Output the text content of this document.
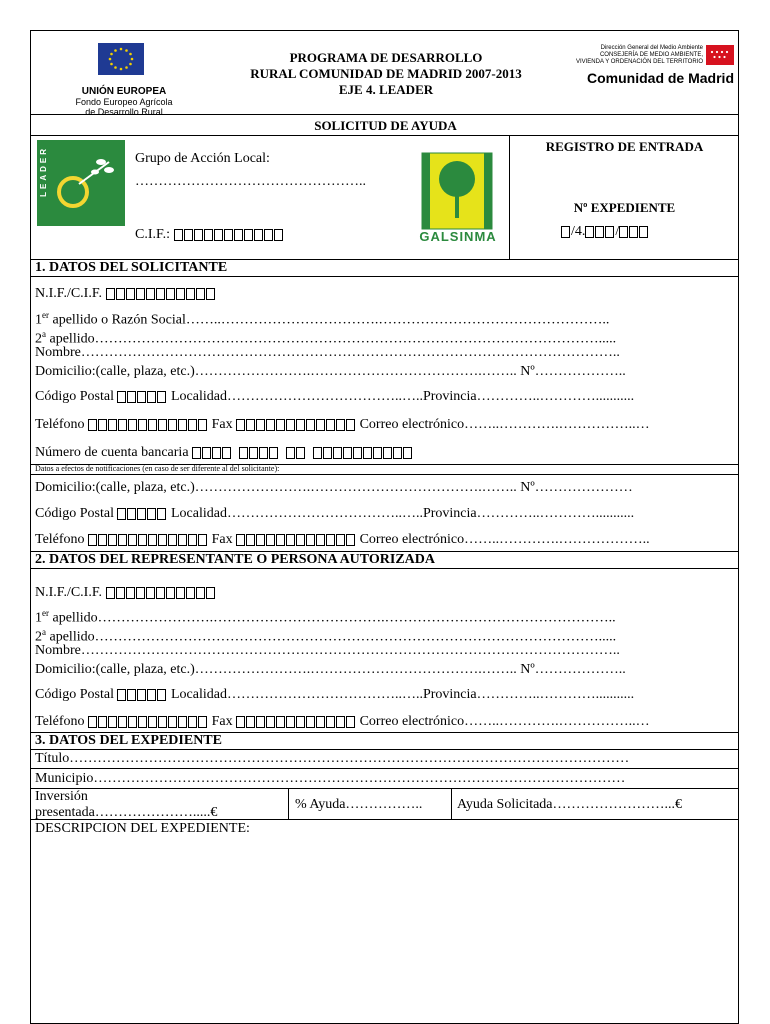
UNIÓN EUROPEA
Fondo Europeo Agrícola
de Desarrollo Rural
PROGRAMA DE DESARROLLO
RURAL COMUNIDAD DE MADRID 2007-2013
EJE 4. LEADER
Dirección General del Medio Ambiente
CONSEJERÍA DE MEDIO AMBIENTE,
VIVIENDA Y ORDENACIÓN DEL TERRITORIO
Comunidad de Madrid
SOLICITUD DE AYUDA
LEADER	Grupo de Acción Local:
…………………………………………..
C.I.F.:	GALSINMA
REGISTRO DE ENTRADA
Nº EXPEDIENTE
/4. /
1. DATOS DEL SOLICITANTE
N.I.F./C.I.F.
1er apellido o Razón Social……..…………………………….…………………………………………..
2$^a$ apellido……………………………………………………………………………………………….....
Nombre……………………………………………………………………………………………………..
Domicilio:(calle, plaza, etc.)…………………….……………………………….…….. Nº………………..
Código Postal	Localidad………………………………..…..Provincia…………..…………...........
Teléfono	Fax	Correo electrónico……..………….……………..…
Número de cuenta bancaria
Datos a efectos de notificaciones (en caso de ser diferente al del solicitante):
Domicilio:(calle, plaza, etc.)…………………….……………………………….…….. Nº…………………
Código Postal	Localidad………………………………..…..Provincia…………..…………...........
Teléfono	Fax	Correo electrónico……..………….………………..
2. DATOS DEL REPRESENTANTE O PERSONA AUTORIZADA
N.I.F./C.I.F.
1er apellido…………………….……………………………….…………………………………………..
2$^a$ apellido……………………………………………………………………………………………….....
Nombre……………………………………………………………………………………………………..
Domicilio:(calle, plaza, etc.)…………………….……………………………….…….. Nº………………..
Código Postal	Localidad………………………………..…..Provincia…………..…………...........
Teléfono	Fax	Correo electrónico……..………….……………..…
3. DATOS DEL EXPEDIENTE
Título…………………………………………………………………………………………………………
Municipio……………………………………………………………………………………………………
Inversión
presentada………………….....€
% Ayuda…………….. Ayuda Solicitada……………………...€
DESCRIPCION DEL EXPEDIENTE:
